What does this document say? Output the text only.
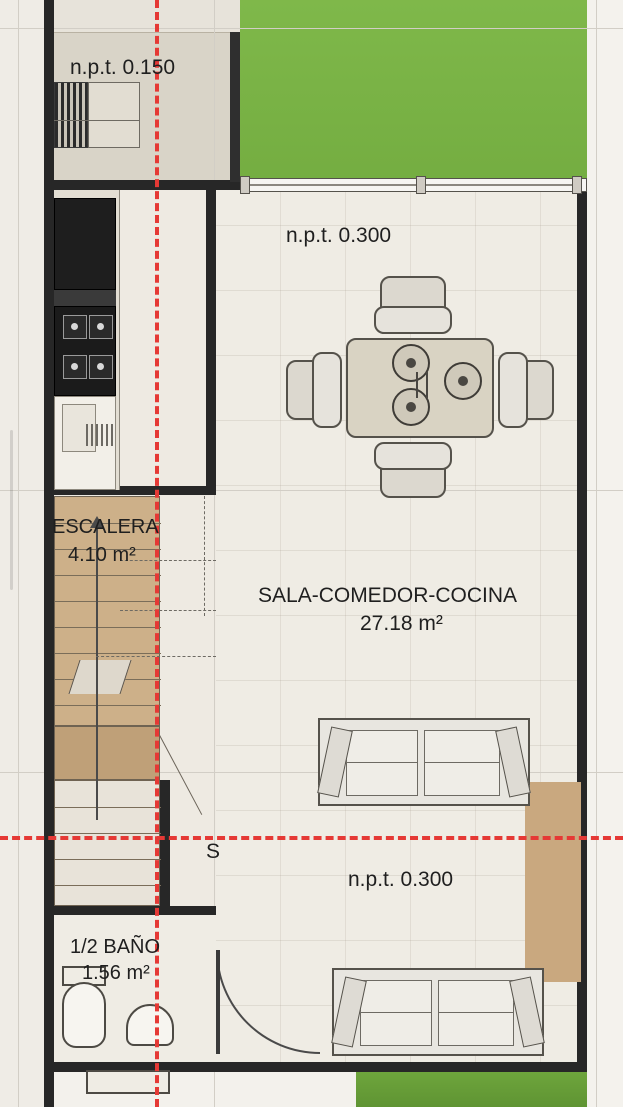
n.p.t. 0.150
n.p.t. 0.300
n.p.t. 0.300
ESCALERA
4.10 m²
SALA-COMEDOR-COCINA
27.18 m²
1/2 BAÑO
1.56 m²
S
